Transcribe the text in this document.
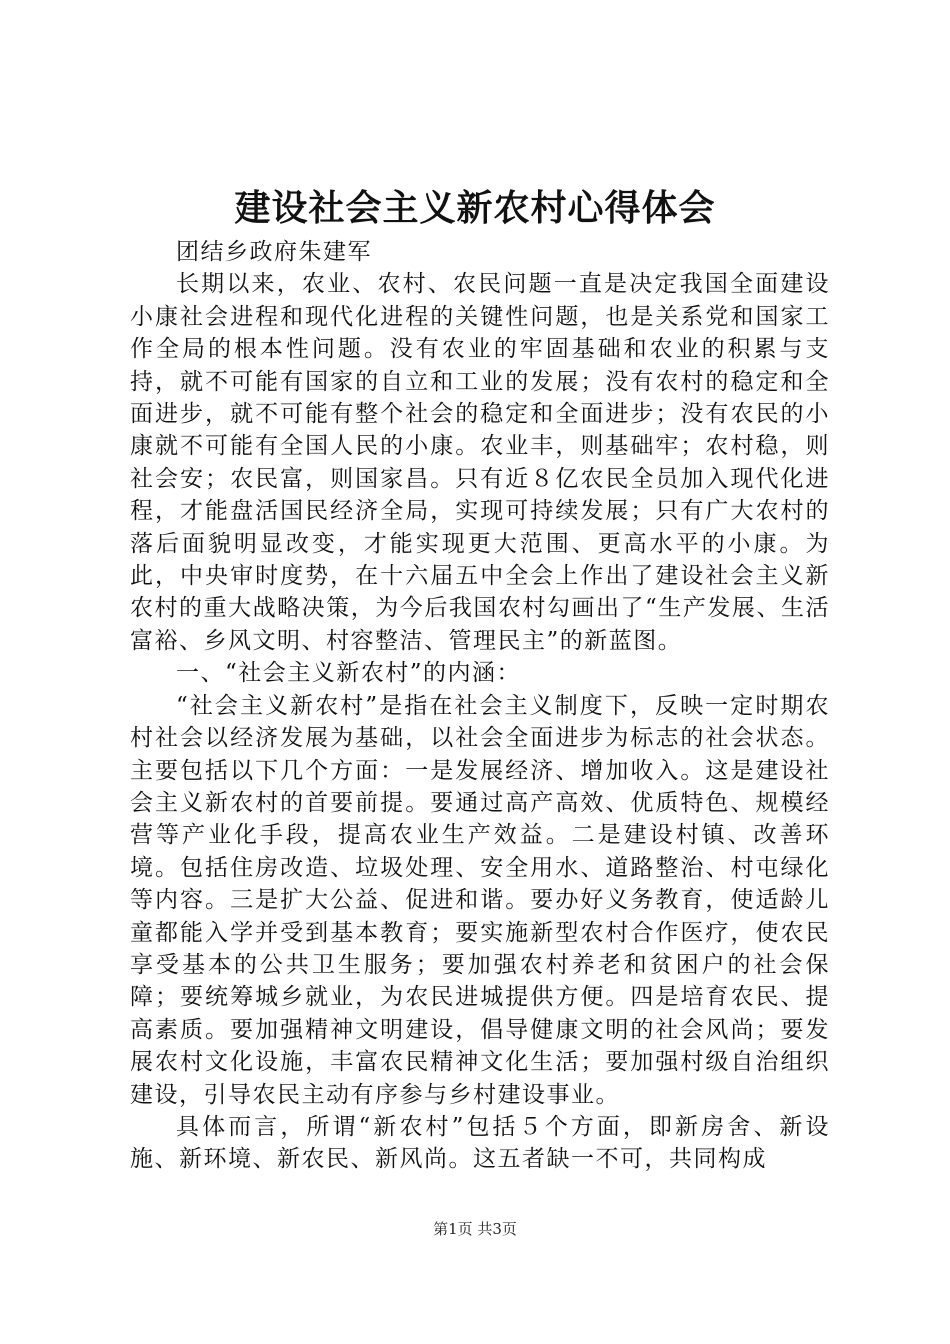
建设社会主义新农村心得体会

团结乡政府朱建军

长期以来，农业、农村、农民问题一直是决定我国全面建设小康社会进程和现代化进程的关键性问题，也是关系党和国家工作全局的根本性问题。没有农业的牢固基础和农业的积累与支持，就不可能有国家的自立和工业的发展；没有农村的稳定和全面进步，就不可能有整个社会的稳定和全面进步；没有农民的小康就不可能有全国人民的小康。农业丰，则基础牢；农村稳，则社会安；农民富，则国家昌。只有近８亿农民全员加入现代化进程，才能盘活国民经济全局，实现可持续发展；只有广大农村的落后面貌明显改变，才能实现更大范围、更高水平的小康。为此，中央审时度势，在十六届五中全会上作出了建设社会主义新农村的重大战略决策，为今后我国农村勾画出了“生产发展、生活富裕、乡风文明、村容整洁、管理民主”的新蓝图。

一、“社会主义新农村”的内涵：

“社会主义新农村”是指在社会主义制度下，反映一定时期农村社会以经济发展为基础，以社会全面进步为标志的社会状态。主要包括以下几个方面：一是发展经济、增加收入。这是建设社会主义新农村的首要前提。要通过高产高效、优质特色、规模经营等产业化手段，提高农业生产效益。二是建设村镇、改善环境。包括住房改造、垃圾处理、安全用水、道路整治、村屯绿化等内容。三是扩大公益、促进和谐。要办好义务教育，使适龄儿童都能入学并受到基本教育；要实施新型农村合作医疗，使农民享受基本的公共卫生服务；要加强农村养老和贫困户的社会保障；要统筹城乡就业，为农民进城提供方便。四是培育农民、提高素质。要加强精神文明建设，倡导健康文明的社会风尚；要发展农村文化设施，丰富农民精神文化生活；要加强村级自治组织建设，引导农民主动有序参与乡村建设事业。

具体而言，所谓“新农村”包括５个方面，即新房舍、新设施、新环境、新农民、新风尚。这五者缺一不可，共同构成

第1页 共3页
